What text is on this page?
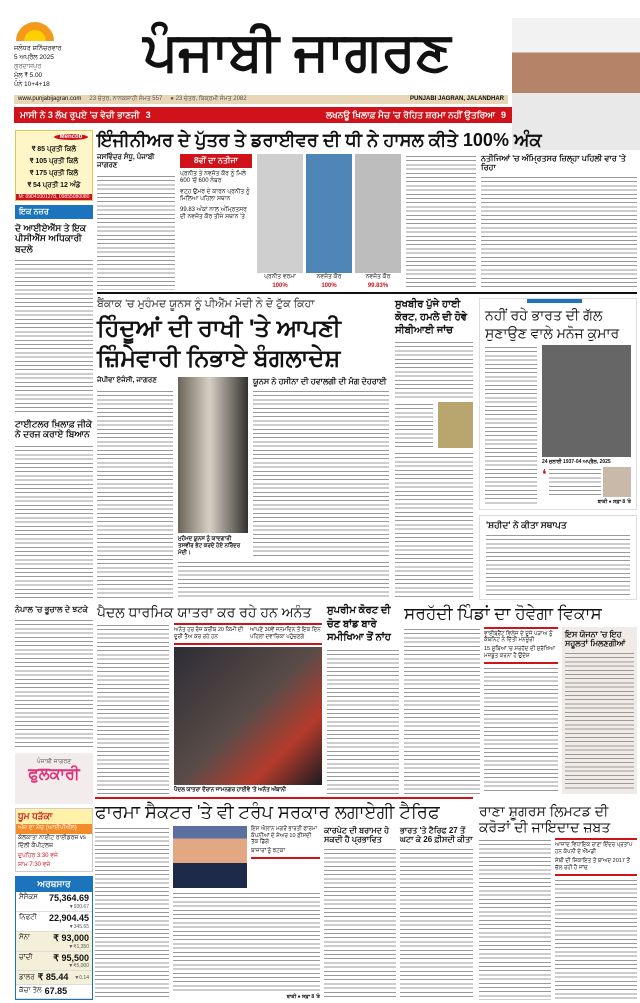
ਜਲੰਧਰ ਸ਼ਨਿੱਚਰਵਾਰ
5 ਅਪ੍ਰੈਲ 2025
ਗੁਰਦਾਸਪੁਰ
ਮੁੱਲ ₹ 5.00
ਪੰਨੇ 10+4+18
ਪੰਜਾਬੀ ਜਾਗਰਣ
www.punjabijagran.com 23 ਚੇਤਰ, ਨਾਨਕਸ਼ਾਹੀ ਸੰਮਤ 557 ● 23 ਚੇਤਰ, ਬਿਕ੍ਰਮੀ ਸੰਮਤ 2082	PUNJABI JAGRAN, JALANDHAR
ਮਾਸੀ ਨੇ 3 ਲੱਖ ਰੁਪਏ 'ਚ ਵੇਚੀ ਭਾਣਜੀ 3	ਲਖਨਊ ਖ਼ਿਲਾਫ਼ ਮੈਚ 'ਚ ਰੋਹਿਤ ਸ਼ਰਮਾ ਨਹੀਂ ਉਤਰਿਆ 9
Mencob
₹ 85 ਪ੍ਰਤੀ ਕਿਲੋ
₹ 105 ਪ੍ਰਤੀ ਕਿਲੋ
₹ 175 ਪ੍ਰਤੀ ਕਿਲੋ
₹ 54 ਪ੍ਰਤੀ 12 ਅੰਡੇ
M: 09041001278, 09855080080
ਇਕ ਨਜ਼ਰ
ਦੋ ਆਈਏਐੱਸ ਤੇ ਇਕ ਪੀਸੀਐੱਸ ਅਧਿਕਾਰੀ ਬਦਲੇ
ਟਾਈਟਲਰ ਖ਼ਿਲਾਫ਼ ਜੀਕੇ ਨੇ ਦਰਜ ਕਰਾਏ ਬਿਆਨ
ਨੇਪਾਲ 'ਚ ਭੂਚਾਲ ਦੇ ਝਟਕੇ
ਪੰਜਾਬੀ ਜਾਗਰਣ
ਫੁਲਕਾਰੀ
ਧੂਮ ਧੜੱਕਾ
ਅੱਜ ਦਾ ਮੈਚ (ਆਈਪੀਐੱਲ)
ਕੋਲਕਾਤਾ ਨਾਈਟ ਰਾਈਡਰਜ਼ vs ਦਿੱਲੀ ਕੈਪੀਟਲਜ਼
ਦੁਪਹਿਰ 3:30 ਵਜੇ
ਸ਼ਾਮ 7:30 ਵਜੇ
ਅਰਥਸਾਰ
ਸੈਂਸੈਕਸ 75,364.69
▼930.67
ਨਿਫਟੀ 22,904.45
▼345.65
ਸੋਨਾ	₹ 93,000
▼₹1,350
ਚਾਂਦੀ ₹ 95,500
▼₹5,000
ਡਾਲਰ ₹ 85.44 ▼0.14
ਕੱਚਾ ਤੇਲ 67.85
ਇੰਜੀਨੀਅਰ ਦੇ ਪੁੱਤਰ ਤੇ ਡਰਾਈਵਰ ਦੀ ਧੀ ਨੇ ਹਾਸਲ ਕੀਤੇ 100% ਅੰਕ
ਜਸਵਿੰਦਰ ਸੰਧੂ, ਪੰਜਾਬੀ ਜਾਗਰਣ
8ਵੀਂ ਦਾ ਨਤੀਜਾ
ਪ੍ਰਨੀਤ ਤੇ ਨਵਜੋਤ ਕੌਰ ਨੂੰ ਮਿਲੇ 600 'ਚੋਂ 600 ਨੰਬਰ
ਵਟ੍ਹ ਉਮਰ ਦੇ ਕਾਰਨ ਪ੍ਰਨੀਤ ਨੂੰ ਮਿਲਿਆ ਪਹਿਲਾ ਸਥਾਨ
99.83 ਅੰਕਾਂ ਨਾਲ ਅੰਮ੍ਰਿਤਸਰ ਦੀ ਨਵਜੋਤ ਕੌਰ ਤੀਜੇ ਸਥਾਨ 'ਤੇ
ਪ੍ਰਨੀਤ ਵਰਮਾ
100%
ਨਵਜੋਤ ਕੌਰ
100%
ਨਵਜੋਤ ਕੌਰ
99.83%
ਨਤੀਜਿਆਂ 'ਚ ਅੰਮ੍ਰਿਤਸਰ ਜ਼ਿਲ੍ਹਾ ਪਹਿਲੀ ਵਾਰ 'ਤੇ ਰਿਹਾ
ਬੈਂਕਾਕ 'ਚ ਮੁਹੰਮਦ ਯੂਨਸ ਨੂੰ ਪੀਐੱਮ ਮੋਦੀ ਨੇ ਦੋ ਟੁੱਕ ਕਿਹਾ
ਹਿੰਦੂਆਂ ਦੀ ਰਾਖੀ 'ਤੇ ਆਪਣੀ ਜ਼ਿੰਮੇਵਾਰੀ ਨਿਭਾਏ ਬੰਗਲਾਦੇਸ਼
ਜੇਪੀਵਾ ਏਜੰਸੀ, ਜਾਗਰਣ
ਮੁਹੰਮਦ ਯੂਨਸ ਨੂੰ ਯਾਦਗਾਰੀ ਤਸਵੀਰ ਭੇਟ ਕਰਦੇ ਹੋਏ ਨਰਿੰਦਰ ਮੋਦੀ।
ਯੂਨਸ ਨੇ ਹਸੀਨਾ ਦੀ ਹਵਾਲਗੀ ਦੀ ਮੰਗ ਦੋਹਰਾਈ
ਸੁਖਬੀਰ ਪੁੱਜੇ ਹਾਈ ਕੋਰਟ, ਹਮਲੇ ਦੀ ਹੋਵੇ ਸੀਬੀਆਈ ਜਾਂਚ
ਨਹੀਂ ਰਹੇ ਭਾਰਤ ਦੀ ਗੱਲ ਸੁਣਾਉਣ ਵਾਲੇ ਮਨੋਜ ਕੁਮਾਰ
24 ਜੁਲਾਈ 1937-04 ਅਪ੍ਰੈਲ, 2025
❛
ਬਾਕੀ ● ਸਫ਼ਾ 8 'ਤੇ
'ਸ਼ਹੀਦ' ਨੇ ਕੀਤਾ ਸਥਾਪਤ
ਪੈਦਲ ਧਾਰਮਿਕ ਯਾਤਰਾ ਕਰ ਰਹੇ ਹਨ ਅਨੰਤ
ਅਨੰਤ ਹਰ ਰੋਜ਼ ਕਰੀਬ 20 ਕਿਮੀ ਦੀ ਦੂਰੀ ਤੈਅ ਕਰ ਰਹੇ ਹਨ
ਆਪਣੇ 30ਵੇਂ ਜਨਮਦਿਨ ਤੋਂ ਇਕ ਦਿਨ ਪਹਿਲਾਂ ਦਵਾਰਿਕਾ ਪਹੁੰਚਣਗੇ
ਪੈਦਲ ਯਾਤਰਾ ਦੌਰਾਨ ਜਾਮਨਗਰ ਹਾਈਵੇ 'ਤੇ ਅਨੰਤ ਅੰਬਾਨੀ
ਸੁਪਰੀਮ ਕੋਰਟ ਦੀ ਚੋਣ ਬਾਂਡ ਬਾਰੇ ਸਮੀਖਿਆ ਤੋਂ ਨਾਂਹ
ਸਰਹੱਦੀ ਪਿੰਡਾਂ ਦਾ ਹੋਵੇਗਾ ਵਿਕਾਸ
ਵਾਈਬ੍ਰੈਂਟ ਵਿਲੇਜ ਦੇ ਦੂਜੇ ਪੜਾਅ ਨੂੰ ਕੈਬਨਿਟ ਨੇ ਦਿੱਤੀ ਮਨਜ਼ੂਰੀ
15 ਸੂਬਿਆਂ 'ਚ ਸਰਹੱਦ ਦੀ ਸੁਰੱਖਿਆ ਮਜ਼ਬੂਤ ਕਰਨਾ ਹੈ ਉਦੇਸ਼
ਇਸ ਯੋਜਨਾ 'ਚ ਇਹ ਸਹੂਲਤਾਂ ਮਿਲਣਗੀਆਂ
ਫਾਰਮਾ ਸੈਕਟਰ 'ਤੇ ਵੀ ਟਰੰਪ ਸਰਕਾਰ ਲਗਾਏਗੀ ਟੈਰਿਫ
ਇਸ ਐਲਾਨ ਮਗਰੋਂ ਭਾਰਤੀ ਫਾਰਮਾ ਕੰਪਨੀਆਂ ਦੇ ਸ਼ੇਅਰ 10 ਫ਼ੀਸਦੀ ਤੱਕ ਡਿੱਗੇ
ਬਾਜ਼ਾਰਾਂ ਨੂੰ ਝਟਕਾ
ਬਾਕੀ ● ਸਫ਼ਾ 8 'ਤੇ
ਕਾਰਪੇਟ ਦੀ ਬਰਾਮਦ ਹੋ ਸਕਦੀ ਹੈ ਪ੍ਰਭਾਵਿਤ
ਭਾਰਤ 'ਤੇ ਟੈਰਿਫ 27 ਤੋਂ ਘਟਾ ਕੇ 26 ਫ਼ੀਸਦੀ ਕੀਤਾ
ਰਾਣਾ ਸ਼ੂਗਰਸ ਲਿਮਟਡ ਦੀ ਕਰੋੜਾਂ ਦੀ ਜਾਇਦਾਦ ਜ਼ਬਤ
ਆਜ਼ਾਦ ਵਿਧਾਇਕ ਰਾਣਾ ਇੰਦਰ ਪ੍ਰਤਾਪ ਹਨ ਕੰਪਨੀ ਦੇ ਐੱਮਡੀ
ਸੇਬੀ ਦੀ ਸ਼ਿਕਾਇਤ ਤੋਂ ਬਾਅਦ 2017 ਤੋਂ ਚੱਲ ਰਹੀ ਹੈ ਜਾਂਚ
